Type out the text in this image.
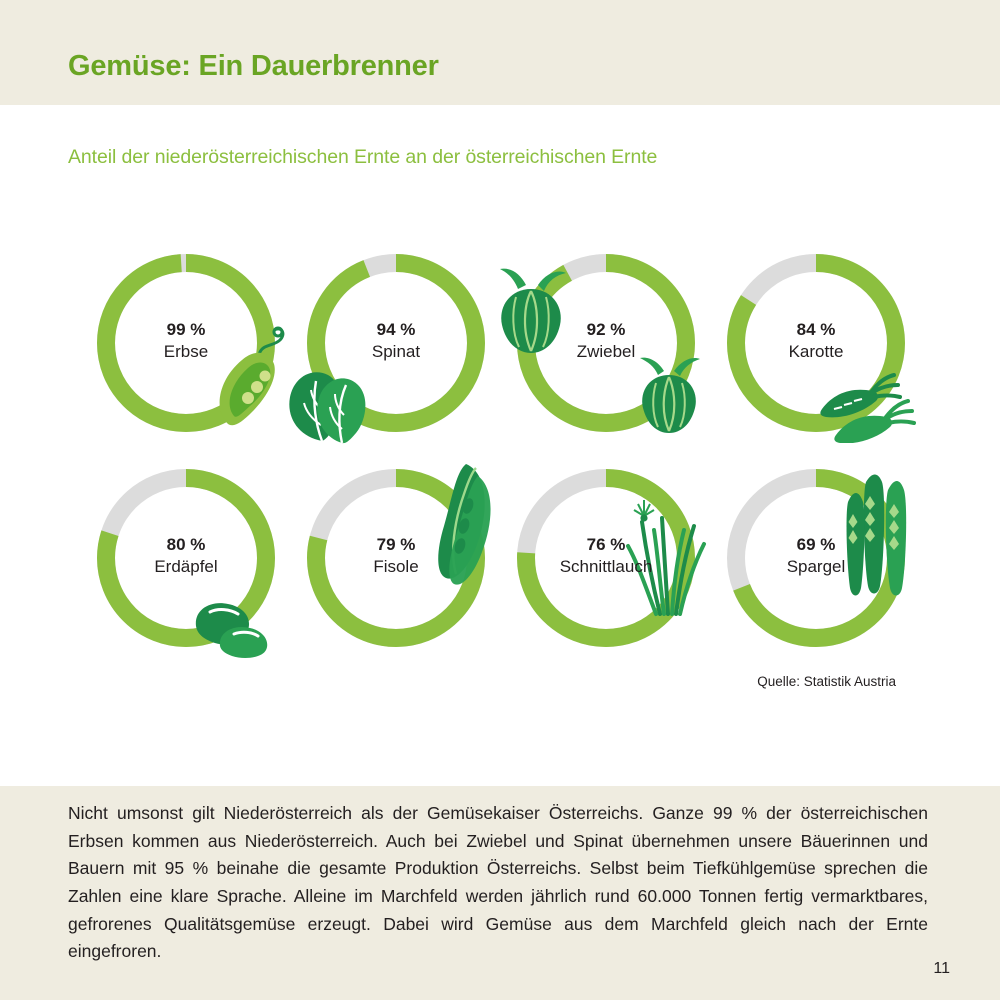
Gemüse: Ein Dauerbrenner
Anteil der niederösterreichischen Ernte an der österreichischen Ernte
99 %
Erbse
94 %
Spinat
92 %
Zwiebel
84 %
Karotte
80 %
Erdäpfel
79 %
Fisole
76 %
Schnittlauch
69 %
Spargel
Quelle: Statistik Austria
Nicht umsonst gilt Niederösterreich als der Gemüsekaiser Österreichs. Ganze 99 % der österreichischen Erbsen kommen aus Niederösterreich. Auch bei Zwiebel und Spinat übernehmen unsere Bäuerinnen und Bauern mit 95 % beinahe die gesamte Produktion Österreichs. Selbst beim Tiefkühlgemüse sprechen die Zahlen eine klare Sprache. Alleine im Marchfeld werden jährlich rund 60.000 Tonnen fertig vermarktbares, gefrorenes Qualitätsgemüse erzeugt. Dabei wird Gemüse aus dem Marchfeld gleich nach der Ernte eingefroren.
11
